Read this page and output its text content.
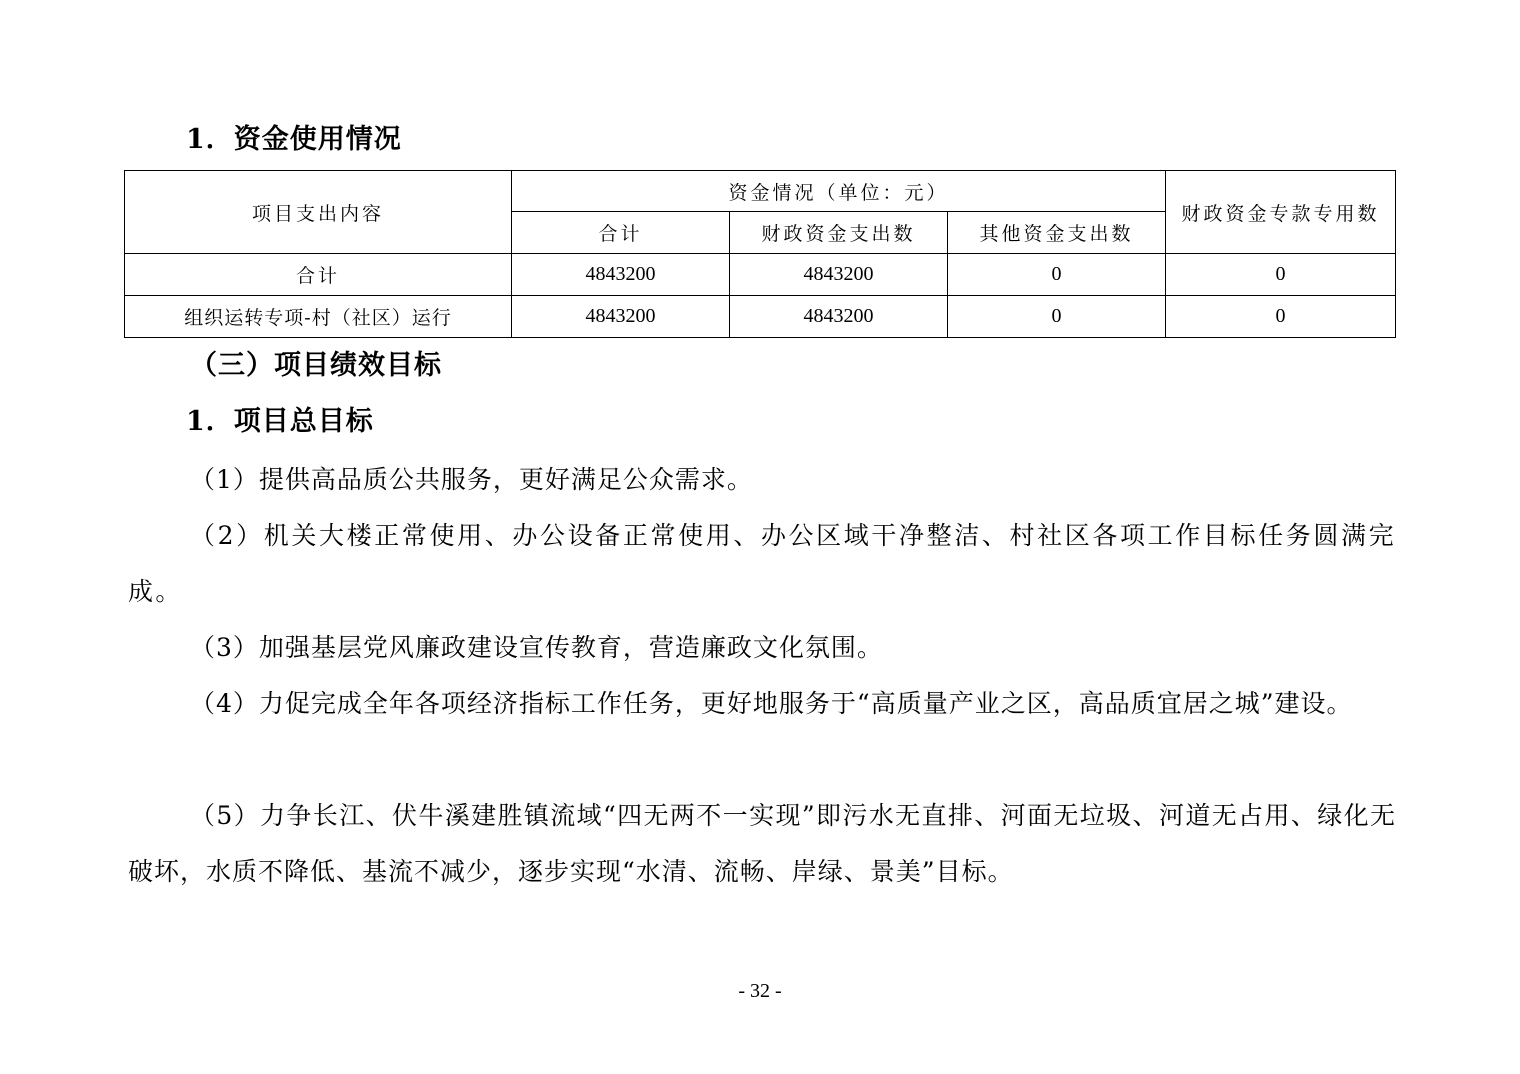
1．资金使用情况
项目支出内容	资金情况（单位：元）			财政资金专款专用数
	合计	财政资金支出数	其他资金支出数	
合计	4843200	4843200	0	0
组织运转专项-村（社区）运行	4843200	4843200	0	0
（三）项目绩效目标
1．项目总目标

（1）提供高品质公共服务，更好满足公众需求。

（2）机关大楼正常使用、办公设备正常使用、办公区域干净整洁、村社区各项工作目标任务圆满完成。

（3）加强基层党风廉政建设宣传教育，营造廉政文化氛围。

（4）力促完成全年各项经济指标工作任务，更好地服务于“高质量产业之区，高品质宜居之城”建设。

（5）力争长江、伏牛溪建胜镇流域“四无两不一实现”即污水无直排、河面无垃圾、河道无占用、绿化无破坏，水质不降低、基流不减少，逐步实现“水清、流畅、岸绿、景美”目标。

- 32 -
